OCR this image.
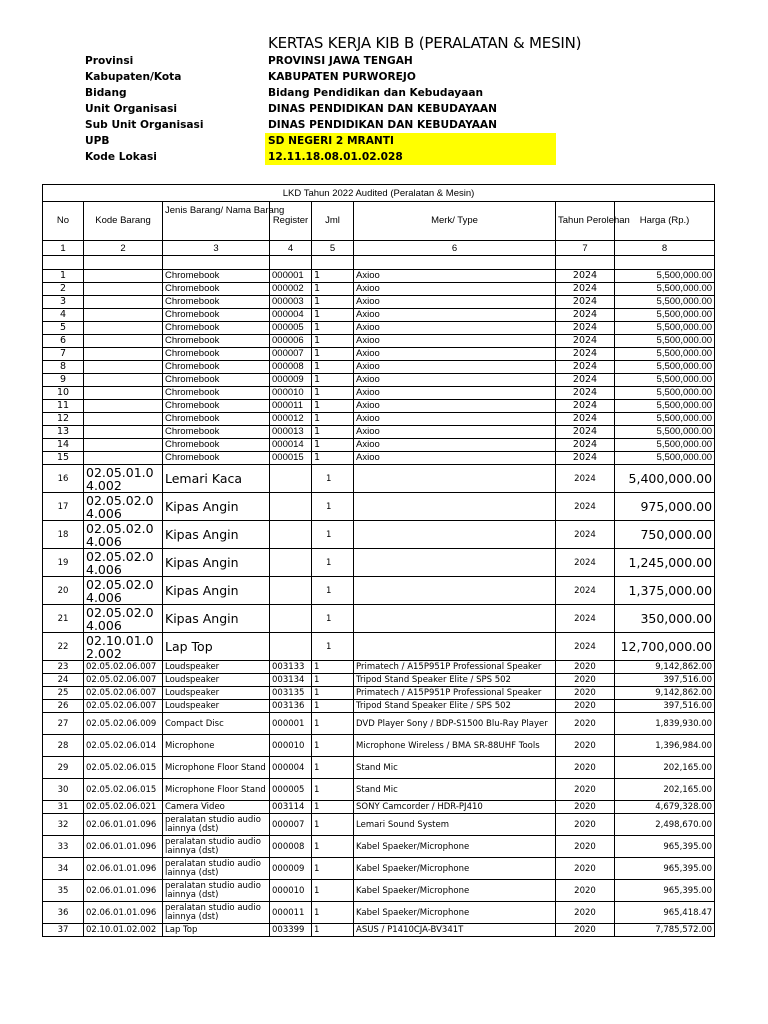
KERTAS KERJA KIB B (PERALATAN & MESIN)
Provinsi	PROVINSI JAWA TENGAH
Kabupaten/Kota	KABUPATEN PURWOREJO
Bidang	Bidang Pendidikan dan Kebudayaan
Unit Organisasi	DINAS PENDIDIKAN DAN KEBUDAYAAN
Sub Unit Organisasi	DINAS PENDIDIKAN DAN KEBUDAYAAN
UPB	SD NEGERI 2 MRANTI
Kode Lokasi	12.11.18.08.01.02.028
LKD Tahun 2022 Audited (Peralatan & Mesin)							
No	Kode Barang	Jenis Barang/ Nama Barang	Register	Jml	Merk/ Type	Tahun Perolehan	Harga (Rp.)
1	2	3	4	5	6	7	8

1		Chromebook	000001	1	Axioo	2024	5,500,000.00
2		Chromebook	000002	1	Axioo	2024	5,500,000.00
3		Chromebook	000003	1	Axioo	2024	5,500,000.00
4		Chromebook	000004	1	Axioo	2024	5,500,000.00
5		Chromebook	000005	1	Axioo	2024	5,500,000.00
6		Chromebook	000006	1	Axioo	2024	5,500,000.00
7		Chromebook	000007	1	Axioo	2024	5,500,000.00
8		Chromebook	000008	1	Axioo	2024	5,500,000.00
9		Chromebook	000009	1	Axioo	2024	5,500,000.00
10		Chromebook	000010	1	Axioo	2024	5,500,000.00
11		Chromebook	000011	1	Axioo	2024	5,500,000.00
12		Chromebook	000012	1	Axioo	2024	5,500,000.00
13		Chromebook	000013	1	Axioo	2024	5,500,000.00
14		Chromebook	000014	1	Axioo	2024	5,500,000.00
15		Chromebook	000015	1	Axioo	2024	5,500,000.00
16	02.05.01.04.002	Lemari Kaca		1		2024	5,400,000.00
17	02.05.02.04.006	Kipas Angin		1		2024	975,000.00
18	02.05.02.04.006	Kipas Angin		1		2024	750,000.00
19	02.05.02.04.006	Kipas Angin		1		2024	1,245,000.00
20	02.05.02.04.006	Kipas Angin		1		2024	1,375,000.00
21	02.05.02.04.006	Kipas Angin		1		2024	350,000.00
22	02.10.01.02.002	Lap Top		1		2024	12,700,000.00
23	02.05.02.06.007	Loudspeaker	003133	1	Primatech / A15P951P Professional Speaker	2020	9,142,862.00
24	02.05.02.06.007	Loudspeaker	003134	1	Tripod Stand Speaker Elite / SPS 502	2020	397,516.00
25	02.05.02.06.007	Loudspeaker	003135	1	Primatech / A15P951P Professional Speaker	2020	9,142,862.00
26	02.05.02.06.007	Loudspeaker	003136	1	Tripod Stand Speaker Elite / SPS 502	2020	397,516.00
27	02.05.02.06.009	Compact Disc	000001	1	DVD Player Sony / BDP-S1500 Blu-Ray Player	2020	1,839,930.00
28	02.05.02.06.014	Microphone	000010	1	Microphone Wireless / BMA SR-88UHF Tools	2020	1,396,984.00
29	02.05.02.06.015	Microphone Floor Stand	000004	1	Stand Mic	2020	202,165.00
30	02.05.02.06.015	Microphone Floor Stand	000005	1	Stand Mic	2020	202,165.00
31	02.05.02.06.021	Camera Video	003114	1	SONY Camcorder / HDR-PJ410	2020	4,679,328.00
32	02.06.01.01.096	peralatan studio audio lainnya (dst)	000007	1	Lemari Sound System	2020	2,498,670.00
33	02.06.01.01.096	peralatan studio audio lainnya (dst)	000008	1	Kabel Spaeker/Microphone	2020	965,395.00
34	02.06.01.01.096	peralatan studio audio lainnya (dst)	000009	1	Kabel Spaeker/Microphone	2020	965,395.00
35	02.06.01.01.096	peralatan studio audio lainnya (dst)	000010	1	Kabel Spaeker/Microphone	2020	965,395.00
36	02.06.01.01.096	peralatan studio audio lainnya (dst)	000011	1	Kabel Spaeker/Microphone	2020	965,418.47
37	02.10.01.02.002	Lap Top	003399	1	ASUS / P1410CJA-BV341T	2020	7,785,572.00
